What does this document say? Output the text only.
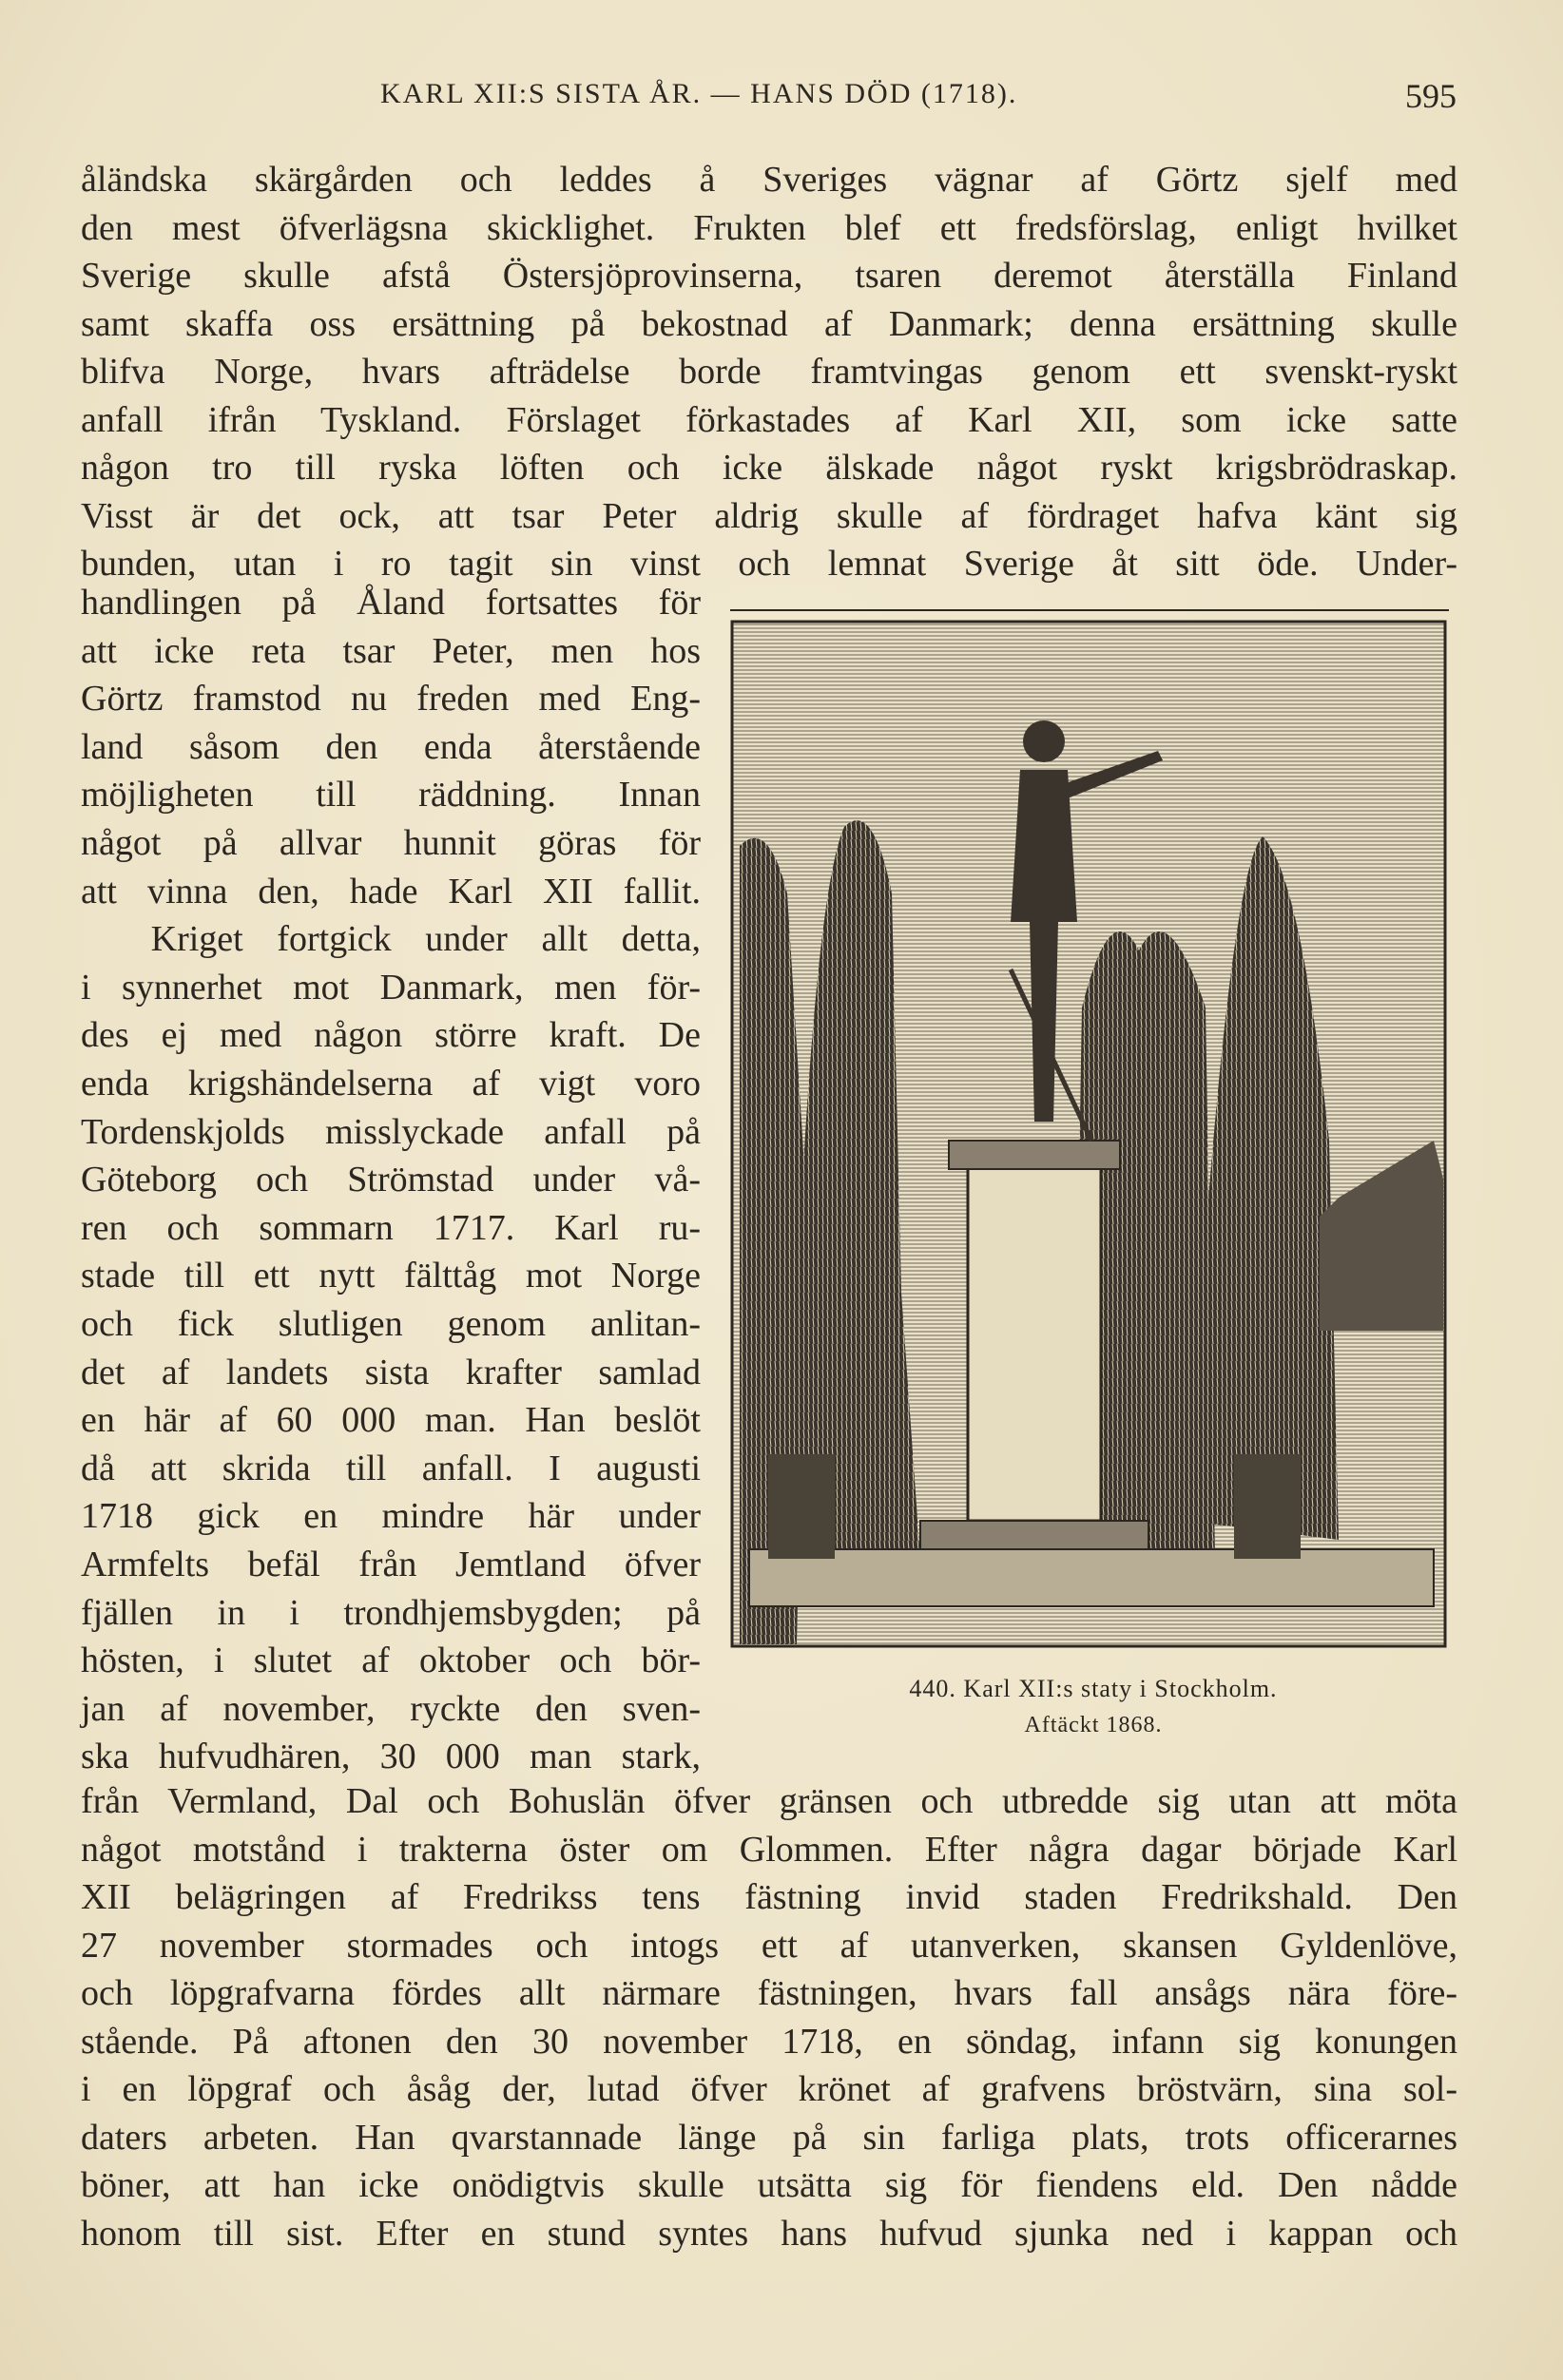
KARL XII:S SISTA ÅR. — HANS DÖD (1718).	595
åländska skärgården och leddes å Sveriges vägnar af Görtz sjelf med
den mest öfverlägsna skicklighet. Frukten blef ett fredsförslag, enligt hvilket
Sverige skulle afstå Östersjöprovinserna, tsaren deremot återställa Finland
samt skaffa oss ersättning på bekostnad af Danmark; denna ersättning skulle
blifva Norge, hvars afträdelse borde framtvingas genom ett svenskt-ryskt
anfall ifrån Tyskland. Förslaget förkastades af Karl XII, som icke satte
någon tro till ryska löften och icke älskade något ryskt krigsbrödraskap.
Visst är det ock, att tsar Peter aldrig skulle af fördraget hafva känt sig
bunden, utan i ro tagit sin vinst och lemnat Sverige åt sitt öde. Under-
handlingen på Åland fortsattes för
att icke reta tsar Peter, men hos
Görtz framstod nu freden med Eng-
land såsom den enda återstående
möjligheten till räddning. Innan
något på allvar hunnit göras för
att vinna den, hade Karl XII fallit.
  Kriget fortgick under allt detta,
i synnerhet mot Danmark, men för-
des ej med någon större kraft. De
enda krigshändelserna af vigt voro
Tordenskjolds misslyckade anfall på
Göteborg och Strömstad under vå-
ren och sommarn 1717. Karl ru-
stade till ett nytt fälttåg mot Norge
och fick slutligen genom anlitan-
det af landets sista krafter samlad
en här af 60 000 man. Han beslöt
då att skrida till anfall. I augusti
1718 gick en mindre här under
Armfelts befäl från Jemtland öfver
fjällen in i trondhjemsbygden; på
hösten, i slutet af oktober och bör-
jan af november, ryckte den sven-
ska hufvudhären, 30 000 man stark,
från Vermland, Dal och Bohuslän öfver gränsen och utbredde sig utan att möta
något motstånd i trakterna öster om Glommen. Efter några dagar började Karl
XII belägringen af Fredrikss tens fästning invid staden Fredrikshald. Den
27 november stormades och intogs ett af utanverken, skansen Gyldenlöve,
och löpgrafvarna fördes allt närmare fästningen, hvars fall ansågs nära före-
stående. På aftonen den 30 november 1718, en söndag, infann sig konungen
i en löpgraf och åsåg der, lutad öfver krönet af grafvens bröstvärn, sina sol-
daters arbeten. Han qvarstannade länge på sin farliga plats, trots officerarnes
böner, att han icke onödigtvis skulle utsätta sig för fiendens eld. Den nådde
honom till sist. Efter en stund syntes hans hufvud sjunka ned i kappan och
440. Karl XII:s staty i Stockholm.
Aftäckt 1868.
